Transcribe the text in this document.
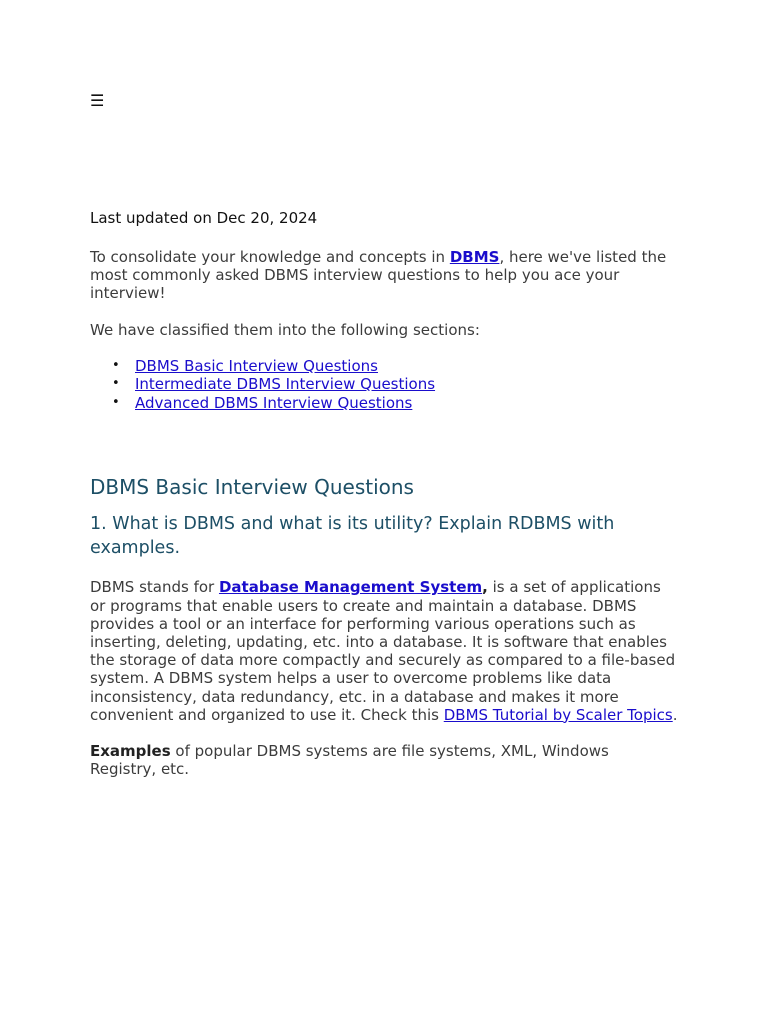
☰
Last updated on Dec 20, 2024

To consolidate your knowledge and concepts in DBMS, here we've listed the most commonly asked DBMS interview questions to help you ace your interview!

We have classified them into the following sections:

• DBMS Basic Interview Questions
• Intermediate DBMS Interview Questions
• Advanced DBMS Interview Questions
DBMS Basic Interview Questions
1. What is DBMS and what is its utility? Explain RDBMS with examples.

DBMS stands for Database Management System, is a set of applications or programs that enable users to create and maintain a database. DBMS provides a tool or an interface for performing various operations such as inserting, deleting, updating, etc. into a database. It is software that enables the storage of data more compactly and securely as compared to a file-based system. A DBMS system helps a user to overcome problems like data inconsistency, data redundancy, etc. in a database and makes it more convenient and organized to use it. Check this DBMS Tutorial by Scaler Topics.

Examples of popular DBMS systems are file systems, XML, Windows Registry, etc.
